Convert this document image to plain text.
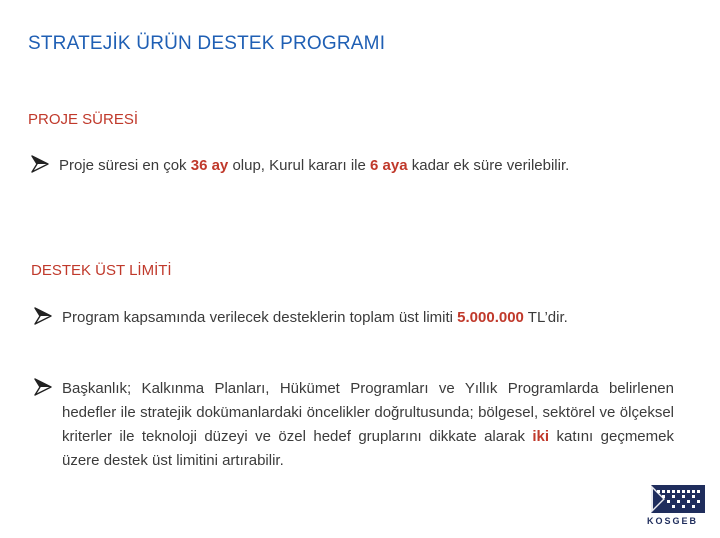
STRATEJİK ÜRÜN DESTEK PROGRAMI
PROJE SÜRESİ
Proje süresi en çok 36 ay olup, Kurul kararı ile 6 aya kadar ek süre verilebilir.
DESTEK ÜST LİMİTİ
Program kapsamında verilecek desteklerin toplam üst limiti 5.000.000 TL’dir.
Başkanlık; Kalkınma Planları, Hükümet Programları ve Yıllık Programlarda belirlenen hedefler ile stratejik dokümanlardaki öncelikler doğrultusunda; bölgesel, sektörel ve ölçeksel kriterler ile teknoloji düzeyi ve özel hedef gruplarını dikkate alarak iki katını geçmemek üzere destek üst limitini artırabilir.
KOSGEB
